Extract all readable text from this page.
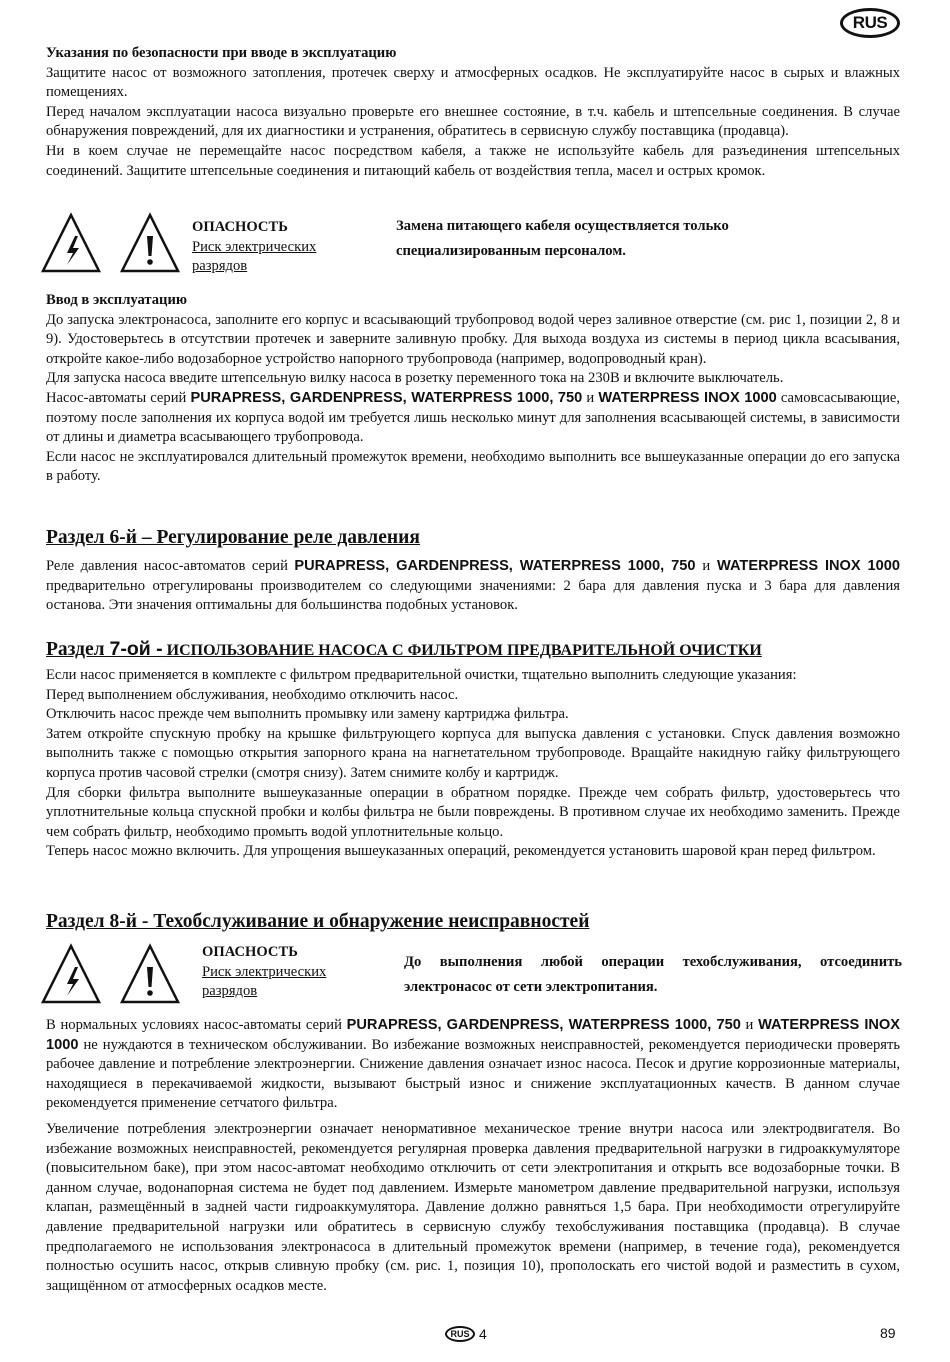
RUS

Указания по безопасности при вводе в эксплуатацию

Защитите насос от возможного затопления, протечек сверху и атмосферных осадков. Не эксплуатируйте насос в сырых и влажных помещениях.

Перед началом эксплуатации насоса визуально проверьте его внешнее состояние, в т.ч. кабель и штепсельные соединения. В случае обнаружения повреждений, для их диагностики и устранения, обратитесь в сервисную службу поставщика (продавца).

Ни в коем случае не перемещайте насос посредством кабеля, а также не используйте кабель для разъединения штепсельных соединений. Защитите штепсельные соединения и питающий кабель от воздействия тепла, масел и острых кромок.

ОПАСНОСТЬ
Риск электрических
разрядов
Замена питающего кабеля осуществляется только
специализированным персоналом.

Ввод в эксплуатацию

До запуска электронасоса, заполните его корпус и всасывающий трубопровод водой через заливное отверстие (см. рис 1, позиции 2, 8 и 9). Удостоверьтесь в отсутствии протечек и заверните заливную пробку. Для выхода воздуха из системы в период цикла всасывания, откройте какое-либо водозаборное устройство напорного трубопровода (например, водопроводный кран).

Для запуска насоса введите штепсельную вилку насоса в розетку переменного тока на 230В и включите выключатель.

Насос-автоматы серий PURAPRESS, GARDENPRESS, WATERPRESS 1000, 750 и WATERPRESS INOX 1000 самовсасывающие, поэтому после заполнения их корпуса водой им требуется лишь несколько минут для заполнения всасывающей системы, в зависимости от длины и диаметра всасывающего трубопровода.

Если насос не эксплуатировался длительный промежуток времени, необходимо выполнить все вышеуказанные операции до его запуска в работу.

Раздел 6-й – Регулирование реле давления

Реле давления насос-автоматов серий PURAPRESS, GARDENPRESS, WATERPRESS 1000, 750 и WATERPRESS INOX 1000 предварительно отрегулированы производителем со следующими значениями: 2 бара для давления пуска и 3 бара для давления останова. Эти значения оптимальны для большинства подобных установок.

Раздел 7-ой - ИСПОЛЬЗОВАНИЕ НАСОСА С ФИЛЬТРОМ ПРЕДВАРИТЕЛЬНОЙ ОЧИСТКИ

Если насос применяется в комплекте с фильтром предварительной очистки, тщательно выполнить следующие указания:

Перед выполнением обслуживания, необходимо отключить насос.

Отключить насос прежде чем выполнить промывку или замену картриджа фильтра.

Затем откройте спускную пробку на крышке фильтрующего корпуса для выпуска давления с установки. Спуск давления возможно выполнить также с помощью открытия запорного крана на нагнетательном трубопроводе. Вращайте накидную гайку фильтрующего корпуса против часовой стрелки (смотря снизу). Затем снимите колбу и картридж.

Для сборки фильтра выполните вышеуказанные операции в обратном порядке. Прежде чем собрать фильтр, удостоверьтесь что уплотнительные кольца спускной пробки и колбы фильтра не были повреждены. В противном случае их необходимо заменить. Прежде чем собрать фильтр, необходимо промыть водой уплотнительные кольцо.

Теперь насос можно включить. Для упрощения вышеуказанных операций, рекомендуется установить шаровой кран перед фильтром.

Раздел 8-й - Техобслуживание и обнаружение неисправностей
ОПАСНОСТЬ
Риск электрических
разрядов
До выполнения любой операции техобслуживания, отсоединить
электронасос от сети электропитания.

В нормальных условиях насос-автоматы серий PURAPRESS, GARDENPRESS, WATERPRESS 1000, 750 и WATERPRESS INOX 1000 не нуждаются в техническом обслуживании. Во избежание возможных неисправностей, рекомендуется периодически проверять рабочее давление и потребление электроэнергии. Снижение давления означает износ насоса. Песок и другие коррозионные материалы, находящиеся в перекачиваемой жидкости, вызывают быстрый износ и снижение эксплуатационных качеств. В данном случае рекомендуется применение сетчатого фильтра.

Увеличение потребления электроэнергии означает ненормативное механическое трение внутри насоса или электродвигателя. Во избежание возможных неисправностей, рекомендуется регулярная проверка давления предварительной нагрузки в гидроаккумуляторе (повысительном баке), при этом насос-автомат необходимо отключить от сети электропитания и открыть все водозаборные точки. В данном случае, водонапорная система не будет под давлением. Измерьте манометром давление предварительной нагрузки, используя клапан, размещённый в задней части гидроаккумулятора. Давление должно равняться 1,5 бара. При необходимости отрегулируйте давление предварительной нагрузки или обратитесь в сервисную службу техобслуживания поставщика (продавца). В случае предполагаемого не использования электронасоса в длительный промежуток времени (например, в течение года), рекомендуется полностью осушить насос, открыв сливную пробку (см. рис. 1, позиция 10), прополоскать его чистой водой и разместить в сухом, защищённом от атмосферных осадков месте.

RUS 4	89
